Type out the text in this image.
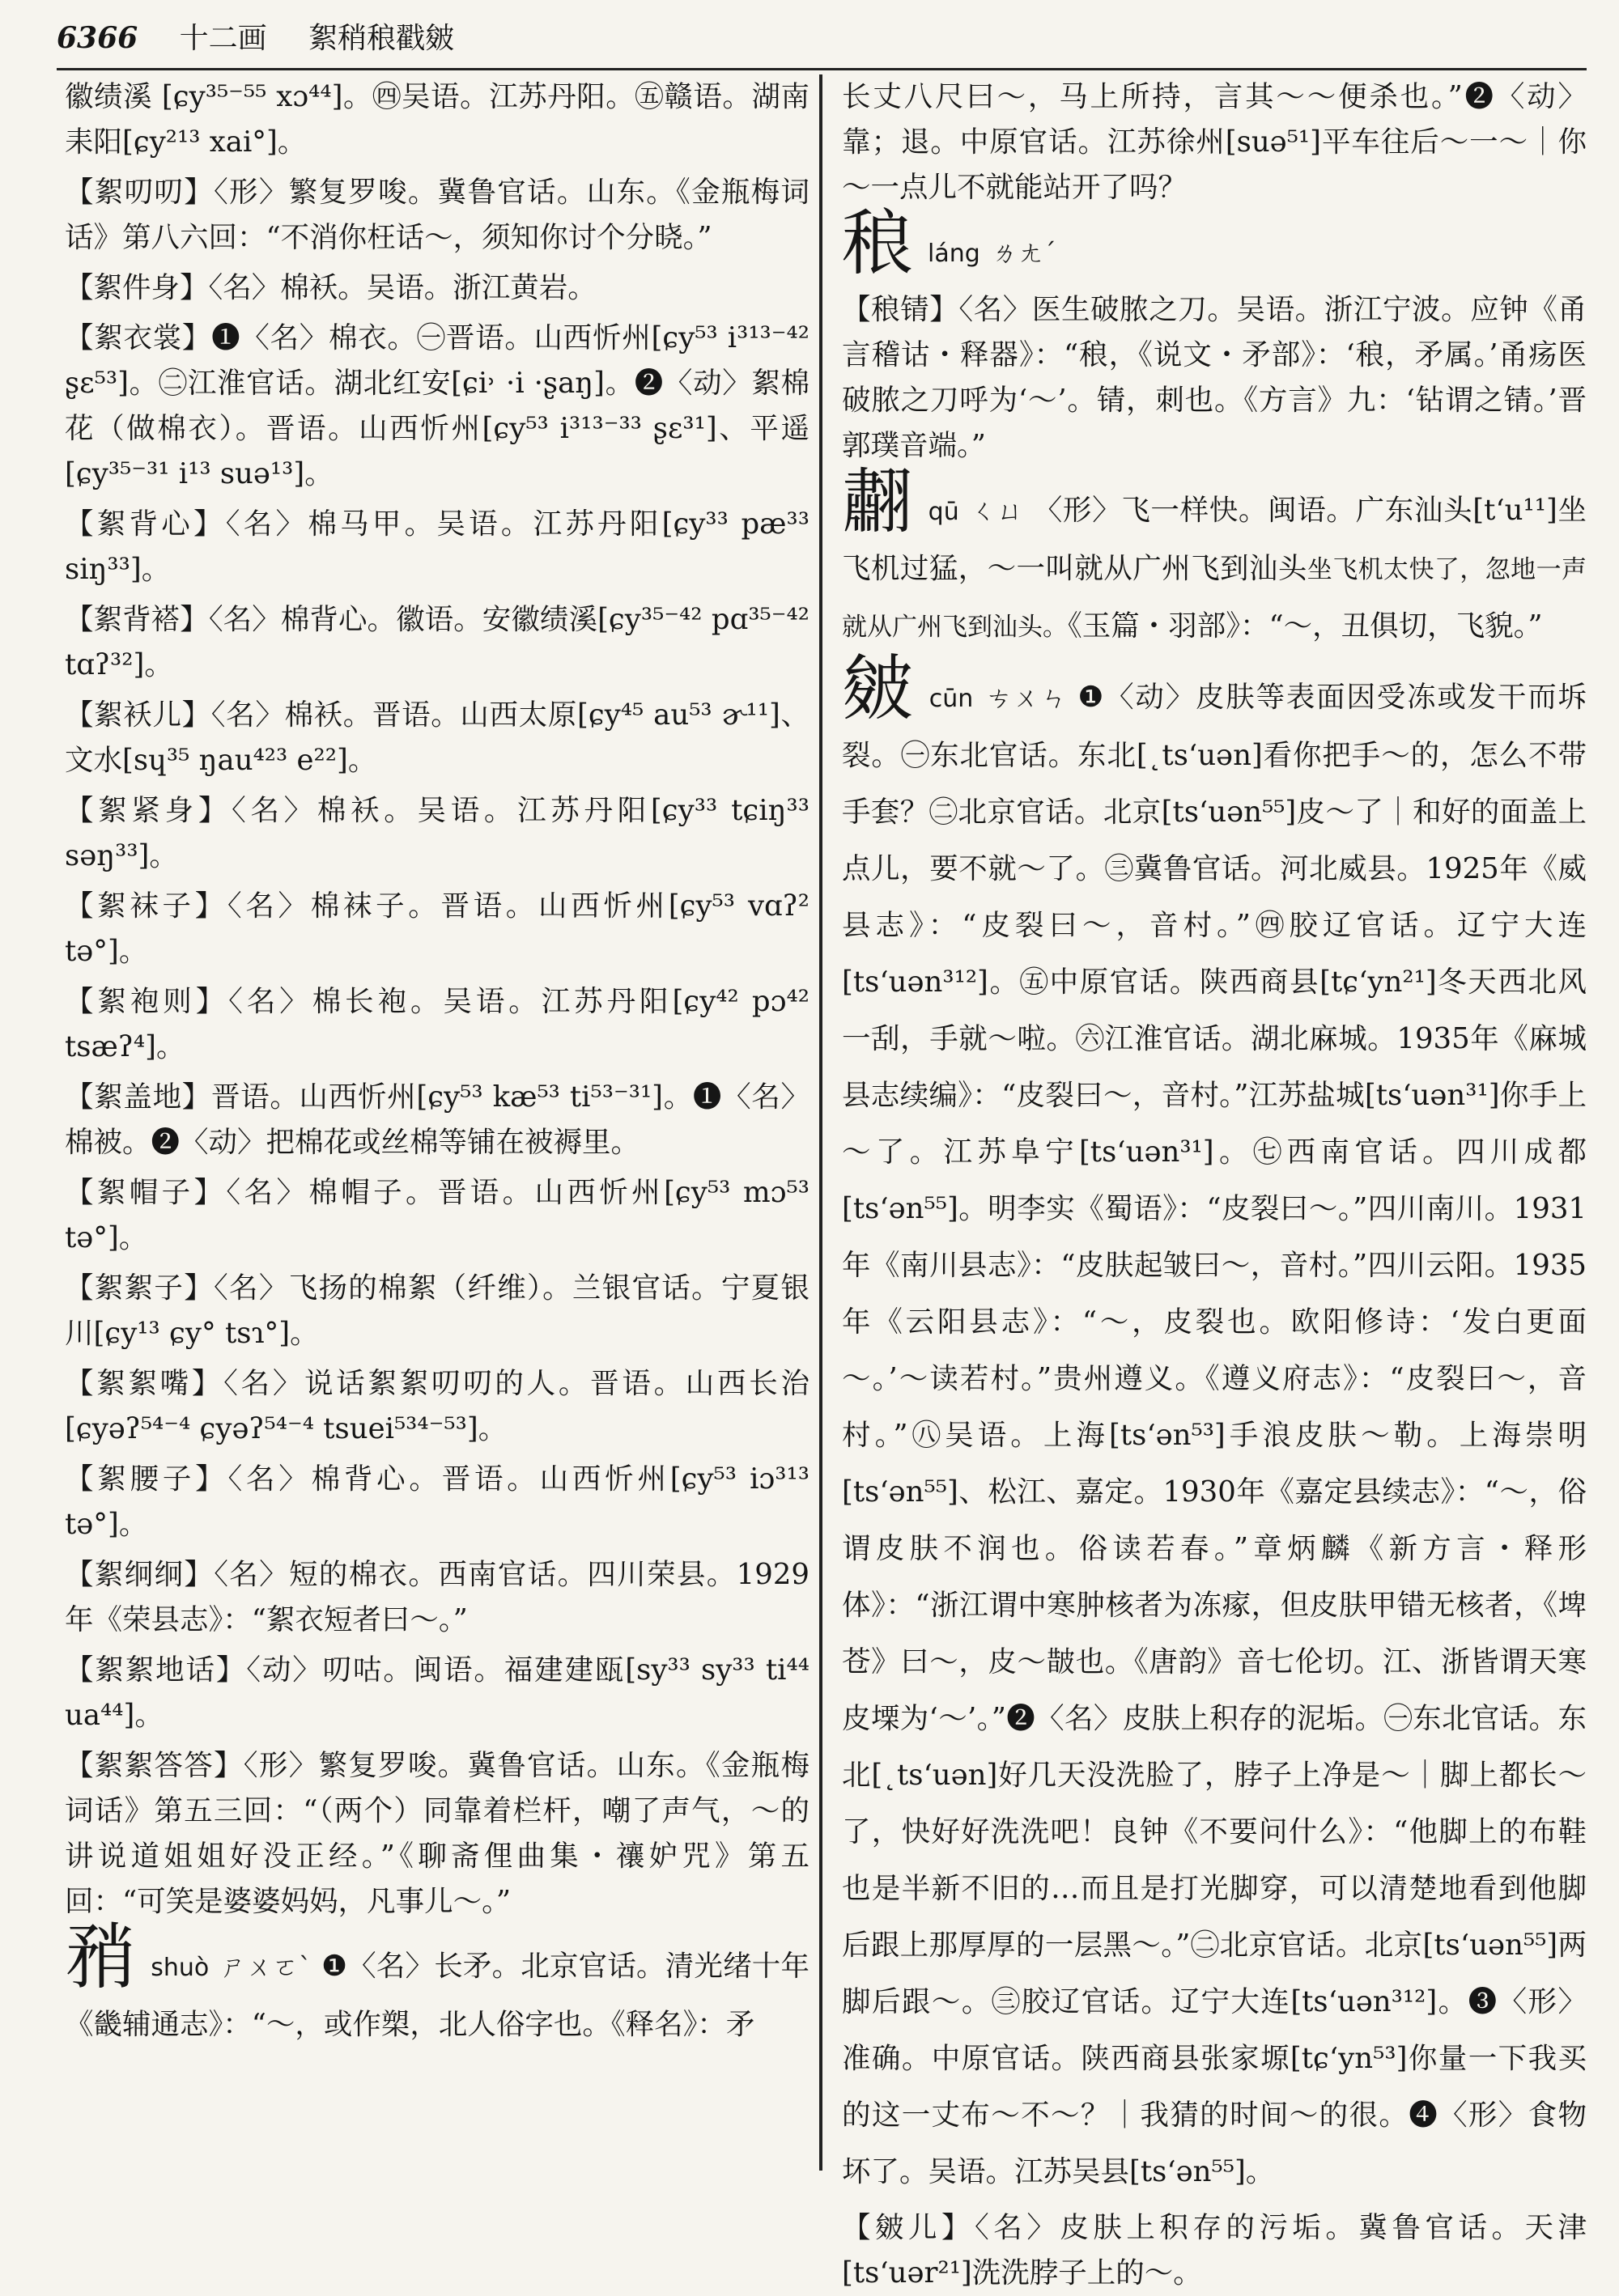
6366 十二画 絮稍稂戳皴

徽绩溪 [ɕy³⁵⁻⁵⁵ xɔ⁴⁴]。㊃吴语。江苏丹阳。㊄赣语。湖南耒阳[ɕy²¹³ xai°]。

【絮叨叨】〈形〉繁复罗唆。冀鲁官话。山东。《金瓶梅词话》第八六回：“不消你枉话～，须知你讨个分晓。”

【絮件身】〈名〉棉袄。吴语。浙江黄岩。

【絮衣裳】❶〈名〉棉衣。㊀晋语。山西忻州[ɕy⁵³ i³¹³⁻⁴² ʂɛ⁵³]。㊁江淮官话。湖北红安[ɕi˒ ·i ·ʂaŋ]。❷〈动〉絮棉花（做棉衣）。晋语。山西忻州[ɕy⁵³ i³¹³⁻³³ ʂɛ³¹]、平遥[ɕy³⁵⁻³¹ i¹³ suə¹³]。

【絮背心】〈名〉棉马甲。吴语。江苏丹阳[ɕy³³ pæ³³ siŋ³³]。

【絮背褡】〈名〉棉背心。徽语。安徽绩溪[ɕy³⁵⁻⁴² pɑ³⁵⁻⁴² tɑʔ³²]。

【絮袄儿】〈名〉棉袄。晋语。山西太原[ɕy⁴⁵ au⁵³ ɚ¹¹]、文水[sɥ³⁵ ŋau⁴²³ e²²]。

【絮紧身】〈名〉棉袄。吴语。江苏丹阳[ɕy³³ tɕiŋ³³ səŋ³³]。

【絮袜子】〈名〉棉袜子。晋语。山西忻州[ɕy⁵³ vɑʔ² tə°]。

【絮袍则】〈名〉棉长袍。吴语。江苏丹阳[ɕy⁴² pɔ⁴² tsæʔ⁴]。

【絮盖地】晋语。山西忻州[ɕy⁵³ kæ⁵³ ti⁵³⁻³¹]。❶〈名〉棉被。❷〈动〉把棉花或丝棉等铺在被褥里。

【絮帽子】〈名〉棉帽子。晋语。山西忻州[ɕy⁵³ mɔ⁵³ tə°]。

【絮絮子】〈名〉飞扬的棉絮（纤维）。兰银官话。宁夏银川[ɕy¹³ ɕy° tsɿ°]。

【絮絮嘴】〈名〉说话絮絮叨叨的人。晋语。山西长治[ɕyəʔ⁵⁴⁻⁴ ɕyəʔ⁵⁴⁻⁴ tsuei⁵³⁴⁻⁵³]。

【絮腰子】〈名〉棉背心。晋语。山西忻州[ɕy⁵³ iɔ³¹³ tə°]。

【絮䌹䌹】〈名〉短的棉衣。西南官话。四川荣县。1929年《荣县志》：“絮衣短者曰～。”

【絮絮地话】〈动〉叨咕。闽语。福建建瓯[sy³³ sy³³ ti⁴⁴ ua⁴⁴]。

【絮絮答答】〈形〉繁复罗唆。冀鲁官话。山东。《金瓶梅词话》第五三回：“（两个）同靠着栏杆，嘲了声气，～的讲说道姐姐好没正经。”《聊斋俚曲集・禳妒咒》第五回：“可笑是婆婆妈妈，凡事儿～。”

矟shuò ㄕㄨㄛˋ ❶〈名〉长矛。北京官话。清光绪十年《畿辅通志》：“～，或作槊，北人俗字也。《释名》：矛

长丈八尺曰～，马上所持，言其～～便杀也。”❷〈动〉靠；退。中原官话。江苏徐州[suə⁵¹]平车往后～一～｜你～一点儿不就能站开了吗？

稂láng ㄌㄤˊ

【稂锖】〈名〉医生破脓之刀。吴语。浙江宁波。应钟《甬言稽诂・释器》：“稂，《说文・矛部》：‘稂，矛属。’甬疡医破脓之刀呼为‘～’。锖，刺也。《方言》九：‘钻谓之锖。’晋郭璞音端。”

䎘qū ㄑㄩ 〈形〉飞一样快。闽语。广东汕头[tʻu¹¹]坐飞机过猛，～一叫就从广州飞到汕头坐飞机太快了，忽地一声就从广州飞到汕头。《玉篇・羽部》：“～，丑俱切，飞貌。”

皴cūn ㄘㄨㄣ ❶〈动〉皮肤等表面因受冻或发干而坼裂。㊀东北官话。东北[˛tsʻuən]看你把手～的，怎么不带手套？㊁北京官话。北京[tsʻuən⁵⁵]皮～了｜和好的面盖上点儿，要不就～了。㊂冀鲁官话。河北威县。1925年《威县志》：“皮裂曰～，音村。”㊃胶辽官话。辽宁大连[tsʻuən³¹²]。㊄中原官话。陕西商县[tɕʻyn²¹]冬天西北风一刮，手就～啦。㊅江淮官话。湖北麻城。1935年《麻城县志续编》：“皮裂曰～，音村。”江苏盐城[tsʻuən³¹]你手上～了。江苏阜宁[tsʻuən³¹]。㊆西南官话。四川成都[tsʻən⁵⁵]。明李实《蜀语》：“皮裂曰～。”四川南川。1931年《南川县志》：“皮肤起皱曰～，音村。”四川云阳。1935年《云阳县志》：“～，皮裂也。欧阳修诗：‘发白更面～。’～读若村。”贵州遵义。《遵义府志》：“皮裂曰～，音村。”㊇吴语。上海[tsʻən⁵³]手浪皮肤～勒。上海崇明[tsʻən⁵⁵]、松江、嘉定。1930年《嘉定县续志》：“～，俗谓皮肤不润也。俗读若春。”章炳麟《新方言・释形体》：“浙江谓中寒肿核者为冻瘃，但皮肤甲错无核者，《埤苍》曰～，皮～皵也。《唐韵》音七伦切。江、浙皆谓天寒皮塛为‘～’。”❷〈名〉皮肤上积存的泥垢。㊀东北官话。东北[˛tsʻuən]好几天没洗脸了，脖子上净是～｜脚上都长～了，快好好洗洗吧！良钟《不要问什么》：“他脚上的布鞋也是半新不旧的…而且是打光脚穿，可以清楚地看到他脚后跟上那厚厚的一层黑～。”㊁北京官话。北京[tsʻuən⁵⁵]两脚后跟～。㊂胶辽官话。辽宁大连[tsʻuən³¹²]。❸〈形〉准确。中原官话。陕西商县张家塬[tɕʻyn⁵³]你量一下我买的这一丈布～不～？｜我猜的时间～的很。❹〈形〉食物坏了。吴语。江苏吴县[tsʻən⁵⁵]。

【皴儿】〈名〉皮肤上积存的污垢。冀鲁官话。天津[tsʻuər²¹]洗洗脖子上的～。
